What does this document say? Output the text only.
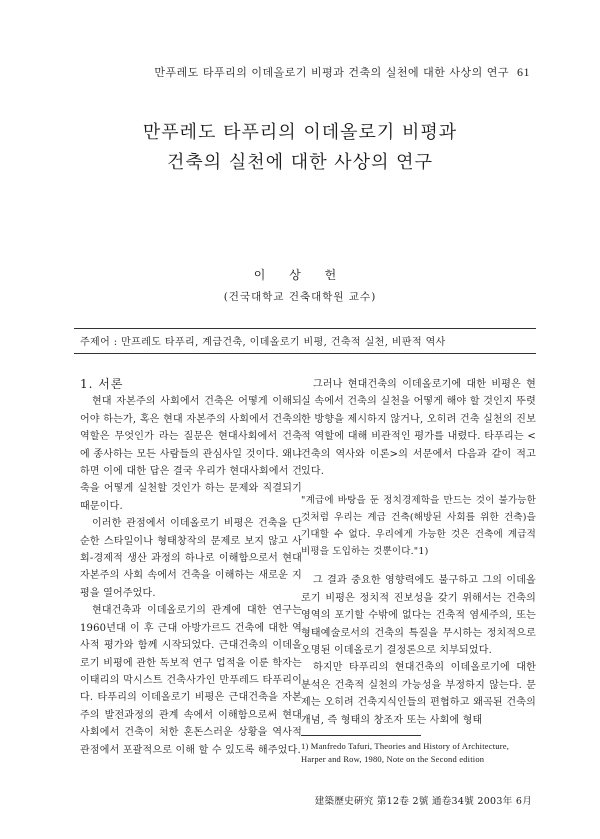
만푸레도 타푸리의 이데올로기 비평과 건축의 실천에 대한 사상의 연구 61
만푸레도 타푸리의 이데올로기 비평과
건축의 실천에 대한 사상의 연구
이 상 헌
(건국대학교 건축대학원 교수)
주제어 : 만프레도 타푸리, 계급건축, 이데올로기 비평, 건축적 실천, 비판적 역사

1. 서론

현대 자본주의 사회에서 건축은 어떻게 이해되어야 하는가, 혹은 현대 자본주의 사회에서 건축의 역할은 무엇인가 라는 질문은 현대사회에서 건축에 종사하는 모든 사람들의 관심사일 것이다. 왜냐하면 이에 대한 답은 결국 우리가 현대사회에서 건축을 어떻게 실천할 것인가 하는 문제와 직결되기 때문이다.

이러한 관점에서 이데올로기 비평은 건축을 단순한 스타일이나 형태창작의 문제로 보지 않고 사회-경제적 생산 과정의 하나로 이해함으로서 현대 자본주의 사회 속에서 건축을 이해하는 새로운 지평을 열어주었다.

현대건축과 이데올로기의 관계에 대한 연구는 1960년대 이 후 근대 아방가르드 건축에 대한 역사적 평가와 함께 시작되었다. 근대건축의 이데올로기 비평에 관한 독보적 연구 업적을 이룬 학자는 이태리의 막시스트 건축사가인 만푸레드 타푸리이다. 타푸리의 이데올로기 비평은 근대건축을 자본주의 발전과정의 관계 속에서 이해함으로써 현대사회에서 건축이 처한 혼돈스러운 상황을 역사적 관점에서 포괄적으로 이해 할 수 있도록 해주었다.

그러나 현대건축의 이데올로기에 대한 비평은 현실 속에서 건축의 실천을 어떻게 해야 할 것인지 뚜렷한 방향을 제시하지 않거나, 오히려 건축 실천의 진보적 역할에 대해 비관적인 평가를 내렸다. 타푸리는 <건축의 역사와 이론>의 서문에서 다음과 같이 적고 있다.

"계급에 바탕을 둔 정치경제학을 만드는 것이 불가능한 것처럼 우리는 계급 건축(해방된 사회를 위한 건축)을 기대할 수 없다. 우리에게 가능한 것은 건축에 계급적 비평을 도입하는 것뿐이다."1)

그 결과 중요한 영향력에도 불구하고 그의 이데올로기 비평은 정치적 진보성을 갖기 위해서는 건축의 영역의 포기할 수밖에 없다는 건축적 염세주의, 또는 형태예술로서의 건축의 특질을 무시하는 정치적으로 오명된 이데올로기 결정론으로 치부되었다.

하지만 타푸리의 현대건축의 이데올로기에 대한 분석은 건축적 실천의 가능성을 부정하지 않는다. 문제는 오히려 건축지식인들의 편협하고 왜곡된 건축의 개념, 즉 형태의 창조자 또는 사회에 형태

1) Manfredo Tafuri, Theories and History of Architecture, Harper and Row, 1980, Note on the Second edition

建築歷史硏究 第12卷 2號 通卷34號 2003年 6月
